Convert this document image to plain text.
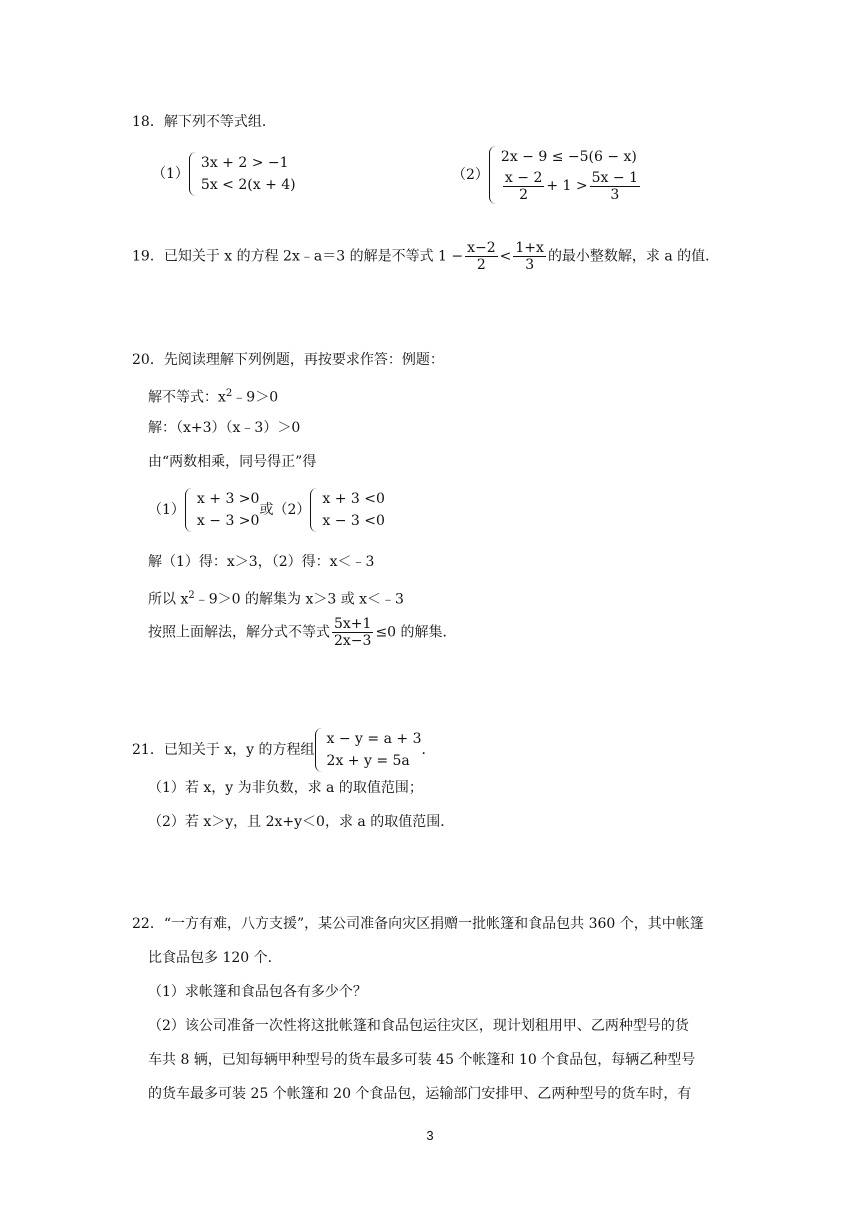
18．解下列不等式组．
（1）
3x + 2 > −1
5x < 2(x + 4)
（2）
2x − 9 ≤ −5(6 − x)
$\frac{x - 2}{2} + 1 > \frac{5x - 1}{3}$
19．已知关于 x 的方程 2x﹣a＝3 的解是不等式 $1 - \frac{x-2}{2} < \frac{1+x}{3}$ 的最小整数解，求 a 的值．
20．先阅读理解下列例题，再按要求作答：例题：
解不等式：$x^2﹣9>0$
解：（x+3）（x﹣3）＞0
由“两数相乘，同号得正”得
（1）
x + 3 >0
x − 3 >0
或（2）
x + 3 <0
x − 3 <0
解（1）得：x＞3，（2）得：x＜﹣3
所以 $x^2﹣9>0$ 的解集为 x＞3 或 x＜﹣3
按照上面解法，解分式不等式 $\frac{5x+1}{2x-3} \le 0$ 的解集．
21．已知关于 x，y 的方程组
x − y = a + 3
2x + y = 5a
．
（1）若 x，y 为非负数，求 a 的取值范围；
（2）若 x＞y，且 2x+y＜0，求 a 的取值范围．
22．“一方有难，八方支援”，某公司准备向灾区捐赠一批帐篷和食品包共 360 个，其中帐篷
比食品包多 120 个．
（1）求帐篷和食品包各有多少个？
（2）该公司准备一次性将这批帐篷和食品包运往灾区，现计划租用甲、乙两种型号的货
车共 8 辆，已知每辆甲种型号的货车最多可装 45 个帐篷和 10 个食品包，每辆乙种型号
的货车最多可装 25 个帐篷和 20 个食品包，运输部门安排甲、乙两种型号的货车时，有
3
